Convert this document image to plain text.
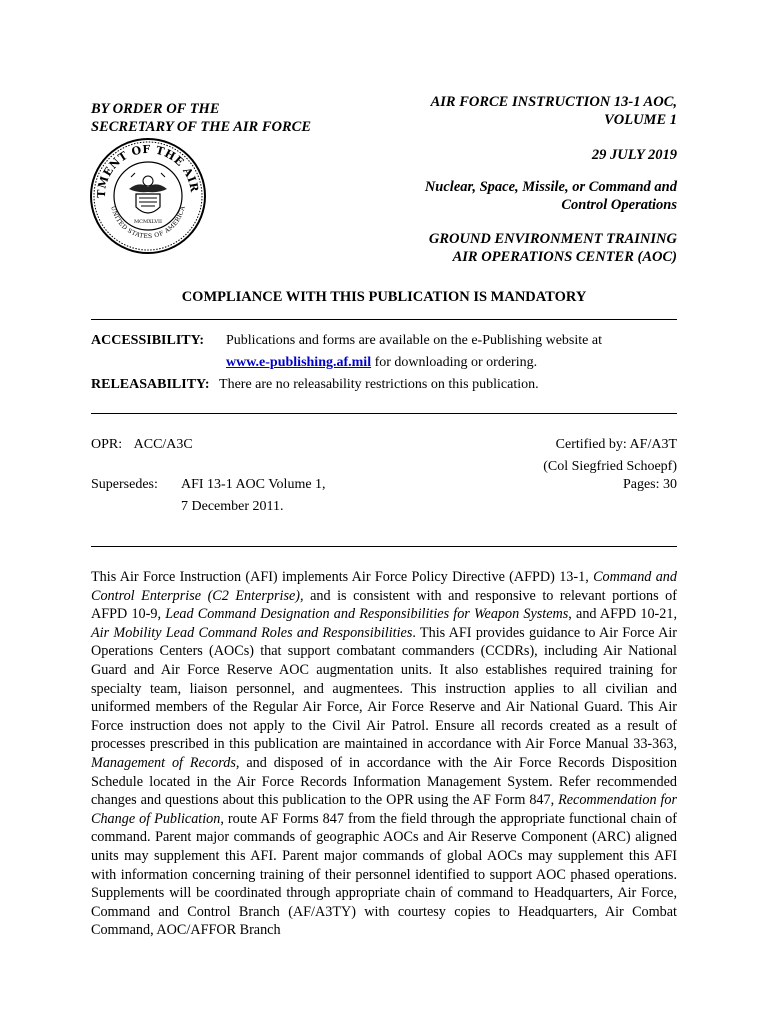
BY ORDER OF THE
SECRETARY OF THE AIR FORCE
TMENT OF THE AIR
UNITED STATES OF AMERICA
MCMXLVII
AIR FORCE INSTRUCTION 13-1 AOC,
VOLUME 1
29 JULY 2019
Nuclear, Space, Missile, or Command and
Control Operations
GROUND ENVIRONMENT TRAINING
AIR OPERATIONS CENTER (AOC)
COMPLIANCE WITH THIS PUBLICATION IS MANDATORY
ACCESSIBILITY: Publications and forms are available on the e-Publishing website at
www.e-publishing.af.mil for downloading or ordering.
RELEASABILITY: There are no releasability restrictions on this publication.
OPR: ACC/A3C	Certified by: AF/A3T
(Col Siegfried Schoepf)
Supersedes: AFI 13-1 AOC Volume 1,
7 December 2011.
Pages: 30
This Air Force Instruction (AFI) implements Air Force Policy Directive (AFPD) 13-1, Command and Control Enterprise (C2 Enterprise), and is consistent with and responsive to relevant portions of AFPD 10-9, Lead Command Designation and Responsibilities for Weapon Systems, and AFPD 10-21, Air Mobility Lead Command Roles and Responsibilities. This AFI provides guidance to Air Force Air Operations Centers (AOCs) that support combatant commanders (CCDRs), including Air National Guard and Air Force Reserve AOC augmentation units. It also establishes required training for specialty team, liaison personnel, and augmentees. This instruction applies to all civilian and uniformed members of the Regular Air Force, Air Force Reserve and Air National Guard. This Air Force instruction does not apply to the Civil Air Patrol. Ensure all records created as a result of processes prescribed in this publication are maintained in accordance with Air Force Manual 33-363, Management of Records, and disposed of in accordance with the Air Force Records Disposition Schedule located in the Air Force Records Information Management System. Refer recommended changes and questions about this publication to the OPR using the AF Form 847, Recommendation for Change of Publication, route AF Forms 847 from the field through the appropriate functional chain of command. Parent major commands of geographic AOCs and Air Reserve Component (ARC) aligned units may supplement this AFI. Parent major commands of global AOCs may supplement this AFI with information concerning training of their personnel identified to support AOC phased operations. Supplements will be coordinated through appropriate chain of command to Headquarters, Air Force, Command and Control Branch (AF/A3TY) with courtesy copies to Headquarters, Air Combat Command, AOC/AFFOR Branch
